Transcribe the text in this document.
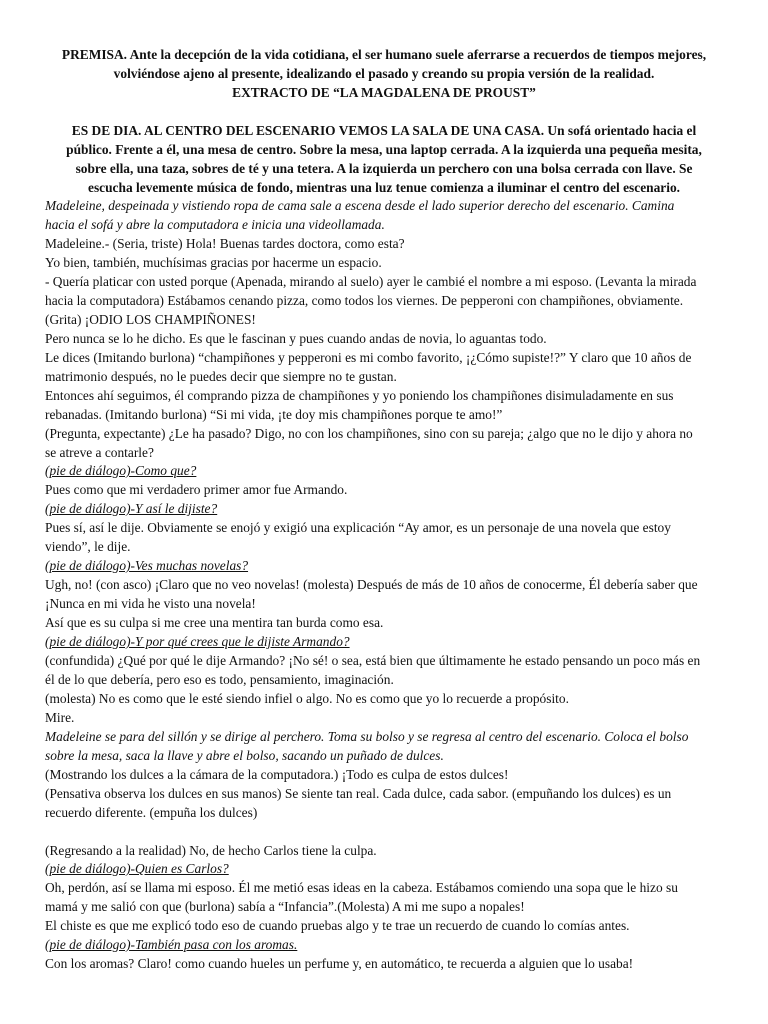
PREMISA. Ante la decepción de la vida cotidiana, el ser humano suele aferrarse a recuerdos de tiempos mejores,
volviéndose ajeno al presente, idealizando el pasado y creando su propia versión de la realidad.
EXTRACTO DE “LA MAGDALENA DE PROUST”
ES DE DIA. AL CENTRO DEL ESCENARIO VEMOS LA SALA DE UNA CASA. Un sofá orientado hacia el
público. Frente a él, una mesa de centro. Sobre la mesa, una laptop cerrada. A la izquierda una pequeña mesita,
sobre ella, una taza, sobres de té y una tetera. A la izquierda un perchero con una bolsa cerrada con llave. Se
escucha levemente música de fondo, mientras una luz tenue comienza a iluminar el centro del escenario.
Madeleine, despeinada y vistiendo ropa de cama sale a escena desde el lado superior derecho del escenario. Camina
hacia el sofá y abre la computadora e inicia una videollamada.
Madeleine.- (Seria, triste) Hola! Buenas tardes doctora, como esta?
Yo bien, también, muchísimas gracias por hacerme un espacio.
- Quería platicar con usted porque (Apenada, mirando al suelo) ayer le cambié el nombre a mi esposo. (Levanta la mirada
hacia la computadora) Estábamos cenando pizza, como todos los viernes. De pepperoni con champiñones, obviamente.
(Grita) ¡ODIO LOS CHAMPIÑONES!
Pero nunca se lo he dicho. Es que le fascinan y pues cuando andas de novia, lo aguantas todo.
Le dices (Imitando burlona) “champiñones y pepperoni es mi combo favorito, ¡¿Cómo supiste!?” Y claro que 10 años de
matrimonio después, no le puedes decir que siempre no te gustan.
Entonces ahí seguimos, él comprando pizza de champiñones y yo poniendo los champiñones disimuladamente en sus
rebanadas. (Imitando burlona) “Si mi vida, ¡te doy mis champiñones porque te amo!”
(Pregunta, expectante) ¿Le ha pasado? Digo, no con los champiñones, sino con su pareja; ¿algo que no le dijo y ahora no
se atreve a contarle?
(pie de diálogo)-Como que?
Pues como que mi verdadero primer amor fue Armando.
(pie de diálogo)-Y así le dijiste?
Pues sí, así le dije. Obviamente se enojó y exigió una explicación “Ay amor, es un personaje de una novela que estoy
viendo”, le dije.
(pie de diálogo)-Ves muchas novelas?
Ugh, no! (con asco) ¡Claro que no veo novelas! (molesta) Después de más de 10 años de conocerme, Él debería saber que
¡Nunca en mi vida he visto una novela!
Así que es su culpa si me cree una mentira tan burda como esa.
(pie de diálogo)-Y por qué crees que le dijiste Armando?
(confundida) ¿Qué por qué le dije Armando? ¡No sé! o sea, está bien que últimamente he estado pensando un poco más en
él de lo que debería, pero eso es todo, pensamiento, imaginación.
(molesta) No es como que le esté siendo infiel o algo. No es como que yo lo recuerde a propósito.
Mire.
Madeleine se para del sillón y se dirige al perchero. Toma su bolso y se regresa al centro del escenario. Coloca el bolso
sobre la mesa, saca la llave y abre el bolso, sacando un puñado de dulces.
(Mostrando los dulces a la cámara de la computadora.) ¡Todo es culpa de estos dulces!
(Pensativa observa los dulces en sus manos) Se siente tan real. Cada dulce, cada sabor. (empuñando los dulces) es un
recuerdo diferente. (empuña los dulces)
(Regresando a la realidad) No, de hecho Carlos tiene la culpa.
(pie de diálogo)-Quien es Carlos?
Oh, perdón, así se llama mi esposo. Él me metió esas ideas en la cabeza. Estábamos comiendo una sopa que le hizo su
mamá y me salió con que (burlona) sabía a “Infancia”.(Molesta) A mi me supo a nopales!
El chiste es que me explicó todo eso de cuando pruebas algo y te trae un recuerdo de cuando lo comías antes.
(pie de diálogo)-También pasa con los aromas.
Con los aromas? Claro! como cuando hueles un perfume y, en automático, te recuerda a alguien que lo usaba!
